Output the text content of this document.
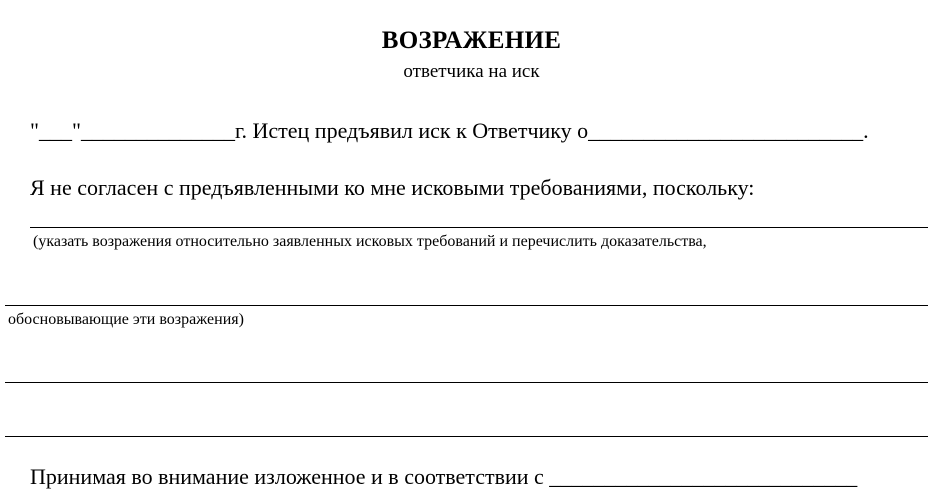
ВОЗРАЖЕНИЕ
ответчика на иск
"___"______________г. Истец предъявил иск к Ответчику о_________________________.
Я не согласен с предъявленными ко мне исковыми требованиями, поскольку:
(указать возражения относительно заявленных исковых требований и перечислить доказательства,
обосновывающие эти возражения)
Принимая во внимание изложенное и в соответствии с ____________________________
